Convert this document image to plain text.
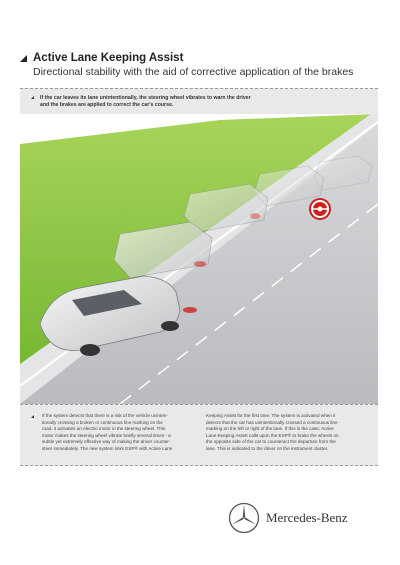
Active Lane Keeping Assist
Directional stability with the aid of corrective application of the brakes
If the car leaves its lane unintentionally, the steering wheel vibrates to warn the driver
and the brakes are applied to correct the car's course.
If the system detects that there is a risk of the vehicle uninten-
tionally crossing a broken or continuous line marking on the
road, it activates an electric motor in the steering wheel. This
motor makes the steering wheel vibrate briefly several times - a
subtle yet extremely effective way of making the driver counter-
steer immediately. The new system links ESP® with Active Lane
Keeping Assist for the first time. The system is activated when it
detects that the car has unintentionally crossed a continuous line
marking on the left or right of the lane. If this is the case, Active
Lane Keeping Assist calls upon the ESP® to brake the wheels on
the opposite side of the car to counteract the departure from the
lane. This is indicated to the driver on the instrument cluster.
Mercedes-Benz
